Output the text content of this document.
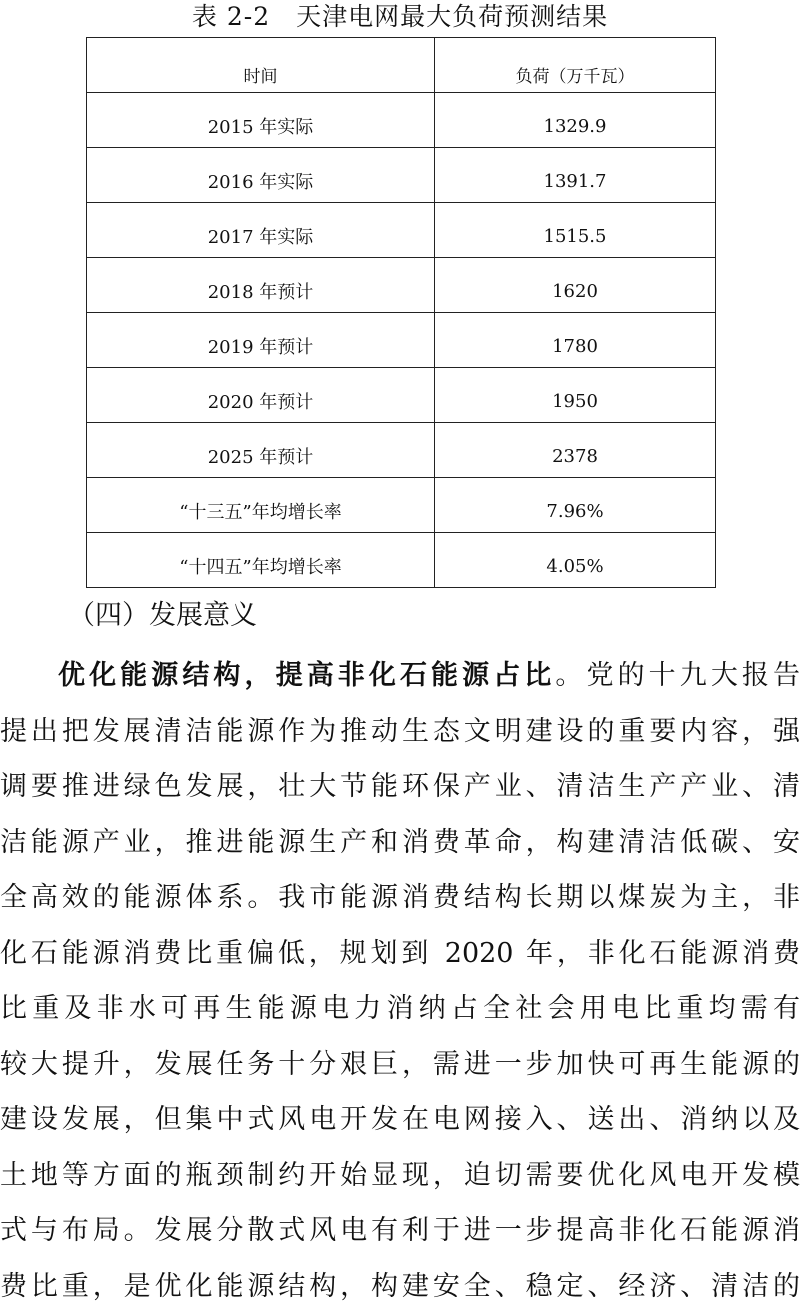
表 2-2　天津电网最大负荷预测结果
时间	负荷（万千瓦）
2015 年实际	1329.9
2016 年实际	1391.7
2017 年实际	1515.5
2018 年预计	1620
2019 年预计	1780
2020 年预计	1950
2025 年预计	2378
“十三五”年均增长率	7.96%
“十四五”年均增长率	4.05%
（四）发展意义
优化能源结构，提高非化石能源占比。党的十九大报告
提出把发展清洁能源作为推动生态文明建设的重要内容，强
调要推进绿色发展，壮大节能环保产业、清洁生产产业、清
洁能源产业，推进能源生产和消费革命，构建清洁低碳、安
全高效的能源体系。我市能源消费结构长期以煤炭为主，非
化石能源消费比重偏低，规划到 2020 年，非化石能源消费
比重及非水可再生能源电力消纳占全社会用电比重均需有
较大提升，发展任务十分艰巨，需进一步加快可再生能源的
建设发展，但集中式风电开发在电网接入、送出、消纳以及
土地等方面的瓶颈制约开始显现，迫切需要优化风电开发模
式与布局。发展分散式风电有利于进一步提高非化石能源消
费比重，是优化能源结构，构建安全、稳定、经济、清洁的
